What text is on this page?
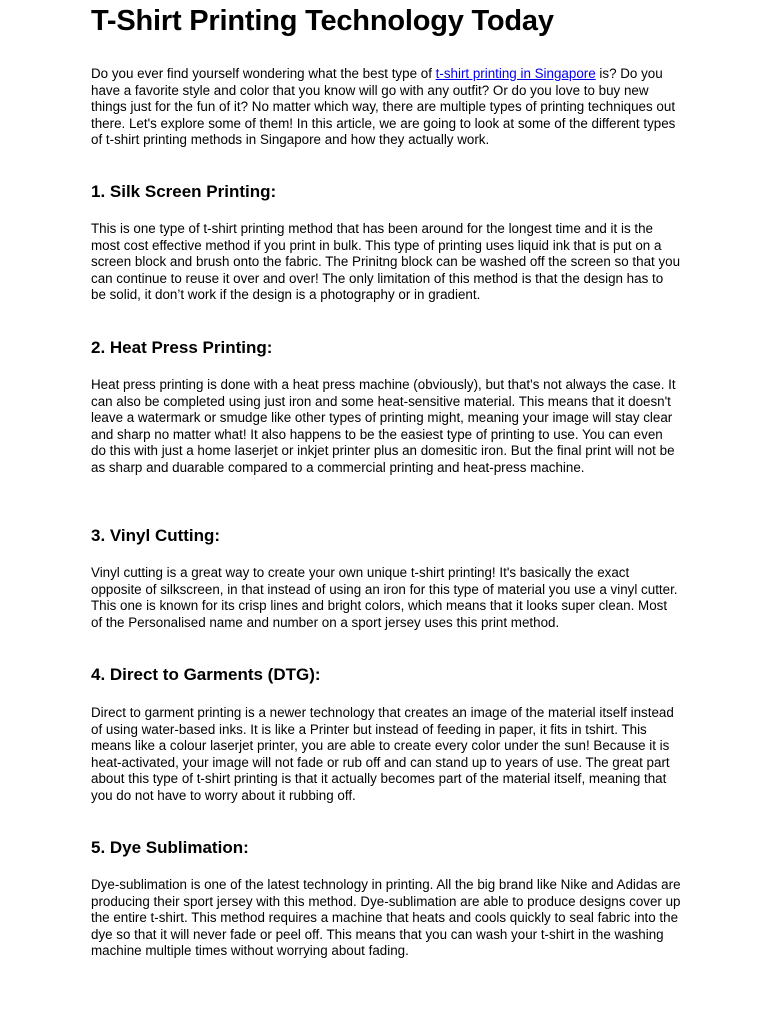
T-Shirt Printing Technology Today

Do you ever find yourself wondering what the best type of t-shirt printing in Singapore is? Do you have a favorite style and color that you know will go with any outfit? Or do you love to buy new things just for the fun of it? No matter which way, there are multiple types of printing techniques out there. Let's explore some of them! In this article, we are going to look at some of the different types of t-shirt printing methods in Singapore and how they actually work.

1. Silk Screen Printing:

This is one type of t-shirt printing method that has been around for the longest time and it is the most cost effective method if you print in bulk. This type of printing uses liquid ink that is put on a screen block and brush onto the fabric. The Prinitng block can be washed off the screen so that you can continue to reuse it over and over! The only limitation of this method is that the design has to be solid, it don’t work if the design is a photography or in gradient.

2. Heat Press Printing:

Heat press printing is done with a heat press machine (obviously), but that's not always the case. It can also be completed using just iron and some heat-sensitive material. This means that it doesn't leave a watermark or smudge like other types of printing might, meaning your image will stay clear and sharp no matter what! It also happens to be the easiest type of printing to use. You can even do this with just a home laserjet or inkjet printer plus an domesitic iron. But the final print will not be as sharp and duarable compared to a commercial printing and heat-press machine.

3. Vinyl Cutting:

Vinyl cutting is a great way to create your own unique t-shirt printing! It's basically the exact opposite of silkscreen, in that instead of using an iron for this type of material you use a vinyl cutter. This one is known for its crisp lines and bright colors, which means that it looks super clean. Most of the Personalised name and number on a sport jersey uses this print method.

4. Direct to Garments (DTG):

Direct to garment printing is a newer technology that creates an image of the material itself instead of using water-based inks. It is like a Printer but instead of feeding in paper, it fits in tshirt. This means like a colour laserjet printer, you are able to create every color under the sun! Because it is heat-activated, your image will not fade or rub off and can stand up to years of use. The great part about this type of t-shirt printing is that it actually becomes part of the material itself, meaning that you do not have to worry about it rubbing off.

5. Dye Sublimation:

Dye-sublimation is one of the latest technology in printing. All the big brand like Nike and Adidas are producing their sport jersey with this method. Dye-sublimation are able to produce designs cover up the entire t-shirt. This method requires a machine that heats and cools quickly to seal fabric into the dye so that it will never fade or peel off. This means that you can wash your t-shirt in the washing machine multiple times without worrying about fading.
